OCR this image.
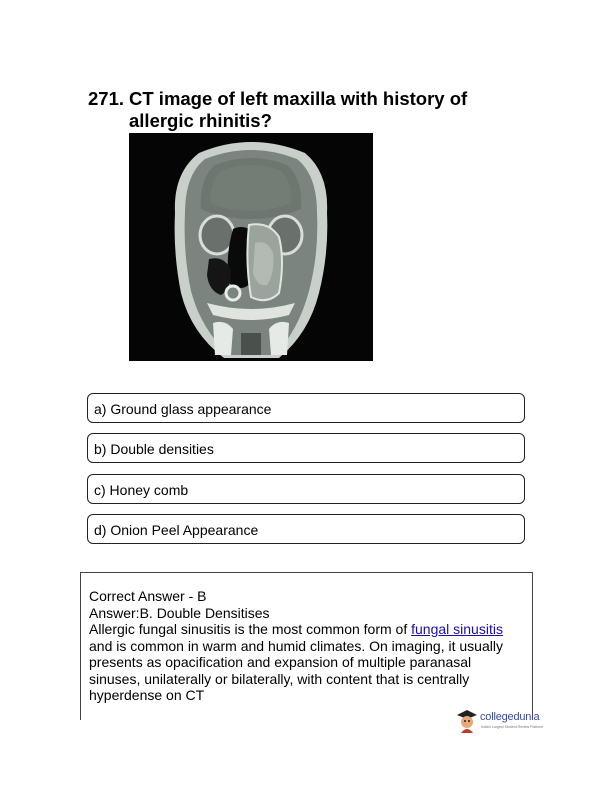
271. CT image of left maxilla with history of allergic rhinitis?
a) Ground glass appearance
b) Double densities
c) Honey comb
d) Onion Peel Appearance
Correct Answer - B
Answer:B. Double Densitises
Allergic fungal sinusitis is the most common form of fungal sinusitis and is common in warm and humid climates. On imaging, it usually presents as opacification and expansion of multiple paranasal sinuses, unilaterally or bilaterally, with content that is centrally hyperdense on CT
collegedunia
India's Largest Student Review Platform
